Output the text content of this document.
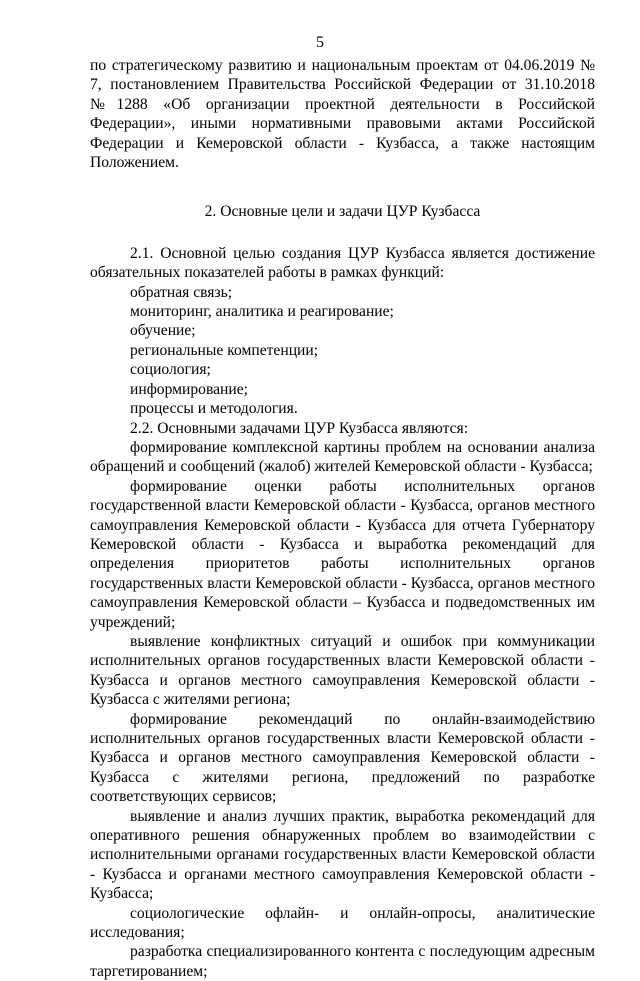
5

по стратегическому развитию и национальным проектам от 04.06.2019 № 7, постановлением Правительства Российской Федерации от 31.10.2018 №1288 «Об организации проектной деятельности в Российской Федерации», иными нормативными правовыми актами Российской Федерации и Кемеровской области - Кузбасса, а также настоящим Положением.

2. Основные цели и задачи ЦУР Кузбасса

2.1. Основной целью создания ЦУР Кузбасса является достижение обязательных показателей работы в рамках функций:

обратная связь;

мониторинг, аналитика и реагирование;

обучение;

региональные компетенции;

социология;

информирование;

процессы и методология.

2.2. Основными задачами ЦУР Кузбасса являются:

формирование комплексной картины проблем на основании анализа обращений и сообщений (жалоб) жителей Кемеровской области - Кузбасса;

формирование оценки работы исполнительных органов государственной власти Кемеровской области - Кузбасса, органов местного самоуправления Кемеровской области - Кузбасса для отчета Губернатору Кемеровской области - Кузбасса и выработка рекомендаций для определения приоритетов работы исполнительных органов государственных власти Кемеровской области - Кузбасса, органов местного самоуправления Кемеровской области – Кузбасса и подведомственных им учреждений;

выявление конфликтных ситуаций и ошибок при коммуникации исполнительных органов государственных власти Кемеровской области - Кузбасса и органов местного самоуправления Кемеровской области - Кузбасса с жителями региона;

формирование рекомендаций по онлайн-взаимодействию исполнительных органов государственных власти Кемеровской области - Кузбасса и органов местного самоуправления Кемеровской области - Кузбасса с жителями региона, предложений по разработке соответствующих сервисов;

выявление и анализ лучших практик, выработка рекомендаций для оперативного решения обнаруженных проблем во взаимодействии с исполнительными органами государственных власти Кемеровской области - Кузбасса и органами местного самоуправления Кемеровской области - Кузбасса;

социологические офлайн- и онлайн-опросы, аналитические исследования;

разработка специализированного контента с последующим адресным таргетированием;
